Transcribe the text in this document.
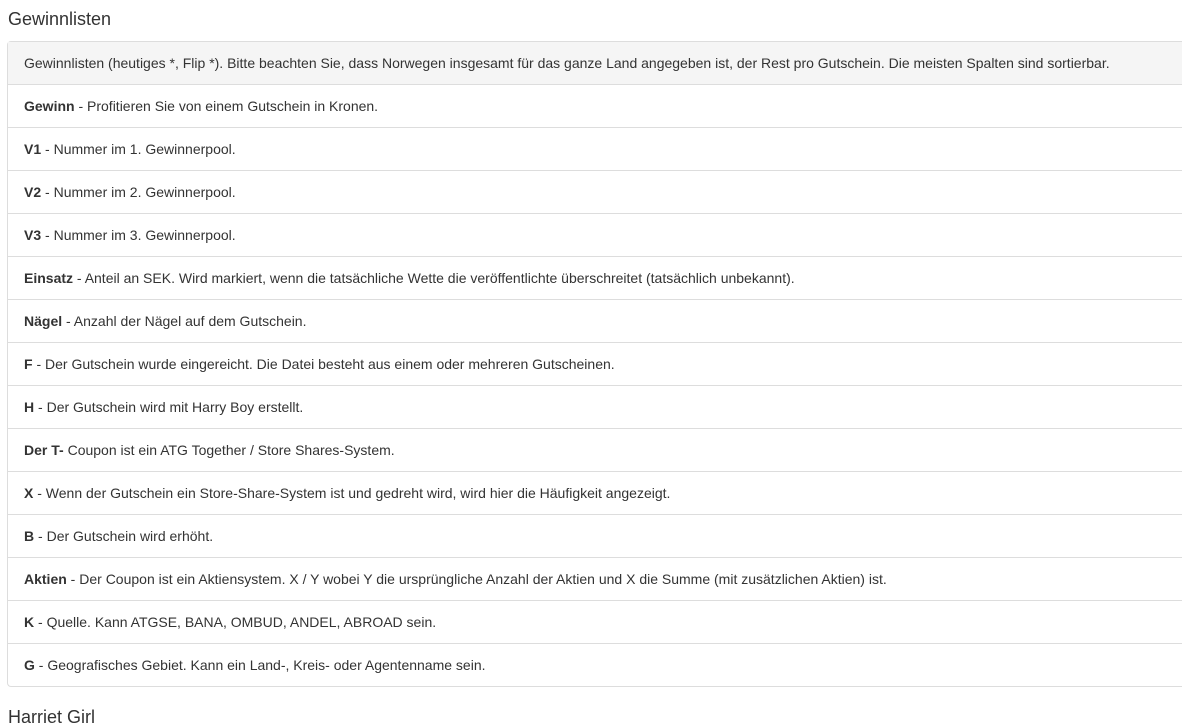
Gewinnlisten
Gewinnlisten (heutiges *, Flip *). Bitte beachten Sie, dass Norwegen insgesamt für das ganze Land angegeben ist, der Rest pro Gutschein. Die meisten Spalten sind sortierbar.
Gewinn - Profitieren Sie von einem Gutschein in Kronen.
V1 - Nummer im 1. Gewinnerpool.
V2 - Nummer im 2. Gewinnerpool.
V3 - Nummer im 3. Gewinnerpool.
Einsatz - Anteil an SEK. Wird markiert, wenn die tatsächliche Wette die veröffentlichte überschreitet (tatsächlich unbekannt).
Nägel - Anzahl der Nägel auf dem Gutschein.
F - Der Gutschein wurde eingereicht. Die Datei besteht aus einem oder mehreren Gutscheinen.
H - Der Gutschein wird mit Harry Boy erstellt.
Der T- Coupon ist ein ATG Together / Store Shares-System.
X - Wenn der Gutschein ein Store-Share-System ist und gedreht wird, wird hier die Häufigkeit angezeigt.
B - Der Gutschein wird erhöht.
Aktien - Der Coupon ist ein Aktiensystem. X / Y wobei Y die ursprüngliche Anzahl der Aktien und X die Summe (mit zusätzlichen Aktien) ist.
K - Quelle. Kann ATGSE, BANA, OMBUD, ANDEL, ABROAD sein.
G - Geografisches Gebiet. Kann ein Land-, Kreis- oder Agentenname sein.
Harriet Girl
